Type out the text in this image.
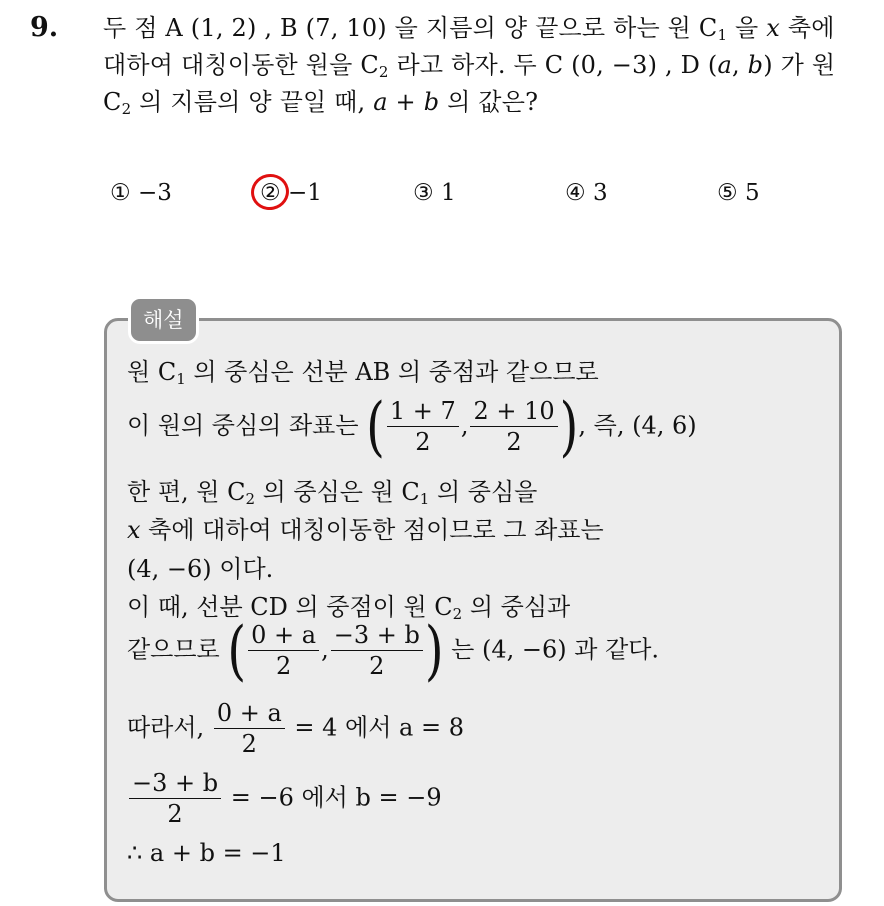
9. 두 점 A (1, 2) , B (7, 10) 을 지름의 양 끝으로 하는 원 $C_1$ 을 x 축에
대하여 대칭이동한 원을 $C_2$ 라고 하자. 두 C (0, −3) , D (a, b) 가 원
$C_2$ 의 지름의 양 끝일 때, a + b 의 값은?
① −3	② −1	③ 1	④ 3	⑤ 5
해설
원 $C_1$ 의 중심은 선분 AB 의 중점과 같으므로
이 원의 중심의 좌표는 ( $\frac{1 + 7}{2}$ , $\frac{2 + 10}{2}$ ), 즉, (4, 6)
한 편, 원 $C_2$ 의 중심은 원 $C_1$ 의 중심을
x 축에 대하여 대칭이동한 점이므로 그 좌표는
(4, −6) 이다.
이 때, 선분 CD 의 중점이 원 $C_2$ 의 중심과
같으므로 ( $\frac{0 + a}{2}$ , $\frac{-3 + b}{2}$ ) 는 (4, −6) 과 같다.
따라서, $\frac{0 + a}{2} = 4$ 에서 a = 8
$\frac{-3 + b}{2} = -6$ 에서 b = −9
∴ a + b = −1
